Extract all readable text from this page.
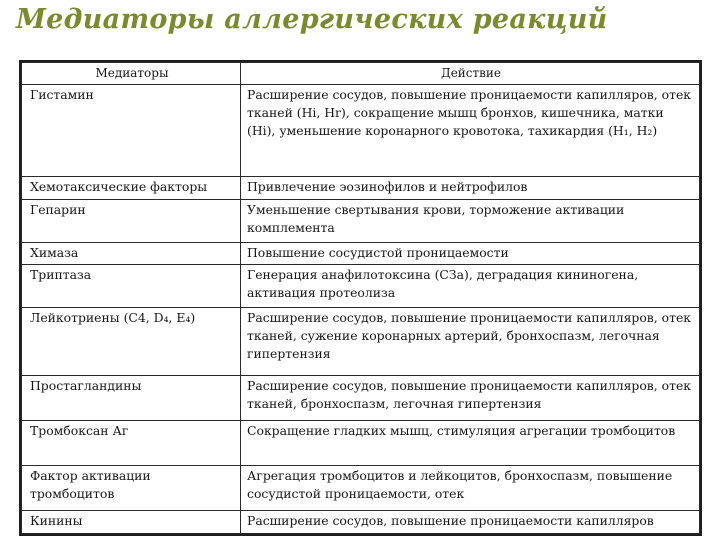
Медиаторы аллергических реакций
Медиаторы	Действие
Гистамин	Расширение сосудов, повышение проницаемости капилляров, отек тканей (Hi, Hr), сокращение мышц бронхов, кишечника, матки (Hi), уменьшение коронарного кровотока, тахикардия (H₁, H₂)
Хемотаксические факторы	Привлечение эозинофилов и нейтрофилов
Гепарин	Уменьшение свертывания крови, торможение активации комплемента
Химаза	Повышение сосудистой проницаемости
Триптаза	Генерация анафилотоксина (СЗа), деградация кининогена, активация протеолиза
Лейкотриены (С4, D₄, E₄)	Расширение сосудов, повышение проницаемости капилляров, отек тканей, сужение коронарных артерий, бронхоспазм, легочная гипертензия
Простагландины	Расширение сосудов, повышение проницаемости капилляров, отек тканей, бронхоспазм, легочная гипертензия
Тромбоксан Аг	Сокращение гладких мышц, стимуляция агрегации тромбоцитов
Фактор активации тромбоцитов	Агрегация тромбоцитов и лейкоцитов, бронхоспазм, повышение сосудистой проницаемости, отек
Кинины	Расширение сосудов, повышение проницаемости капилляров
